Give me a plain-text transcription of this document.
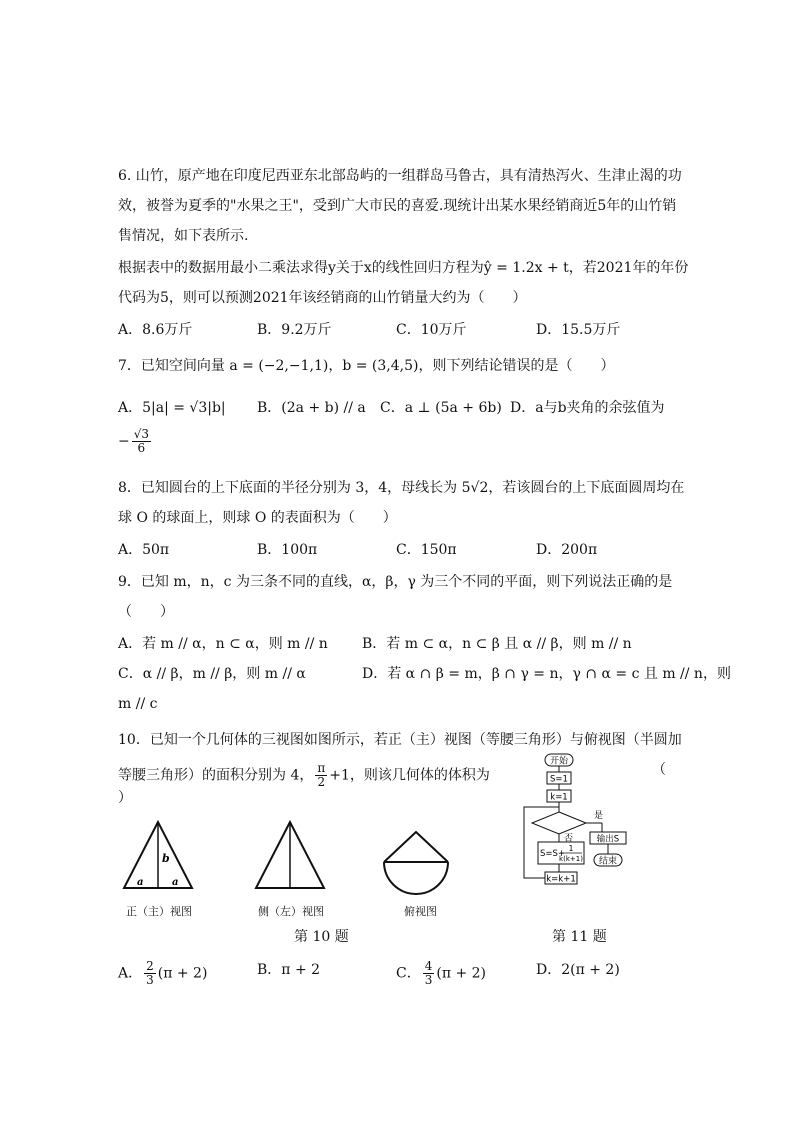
6. 山竹，原产地在印度尼西亚东北部岛屿的一组群岛马鲁古，具有清热泻火、生津止渴的功
效，被誉为夏季的"水果之王"，受到广大市民的喜爱.现统计出某水果经销商近5年的山竹销
售情况，如下表所示.
根据表中的数据用最小二乘法求得y关于x的线性回归方程为ŷ = 1.2x + t，若2021年的年份
代码为5，则可以预测2021年该经销商的山竹销量大约为（　　）
A．8.6万斤	B．9.2万斤	C．10万斤	D．15.5万斤
7．已知空间向量 a = (−2,−1,1)，b = (3,4,5)，则下列结论错误的是（　　）
A．5|a| = √3|b| B．(2a + b) // a C．a ⊥ (5a + 6b) D．a与b夹角的余弦值为
− $\frac{√3}{6}$
8．已知圆台的上下底面的半径分别为 3，4，母线长为 5√2，若该圆台的上下底面圆周均在
球 O 的球面上，则球 O 的表面积为（　　）
A．50π	B．100π	C．150π	D．200π
9．已知 m，n，c 为三条不同的直线，α，β，γ 为三个不同的平面，则下列说法正确的是
（　　）
A．若 m // α，n ⊂ α，则 m // n B．若 m ⊂ α，n ⊂ β 且 α // β，则 m // n
C．α // β，m // β，则 m // α	D．若 α ∩ β = m，β ∩ γ = n，γ ∩ α = c 且 m // n，则
m // c
10．已知一个几何体的三视图如图所示，若正（主）视图（等腰三角形）与俯视图（半圆加
等腰三角形）的面积分别为 4， $\frac{\pi}{2} +1$，则该几何体的体积为	（
）
b
a	a
正（主）视图	侧（左）视图	俯视图
第 10 题
开始
S=1
k=1
是
输出S
结束
否
S=S+
1
k(k+1)
k=k+1
第 11 题
A． $\frac{2}{3} (\pi + 2)$	B．π + 2	C． $\frac{4}{3} (\pi + 2)$	D．2(π + 2)
